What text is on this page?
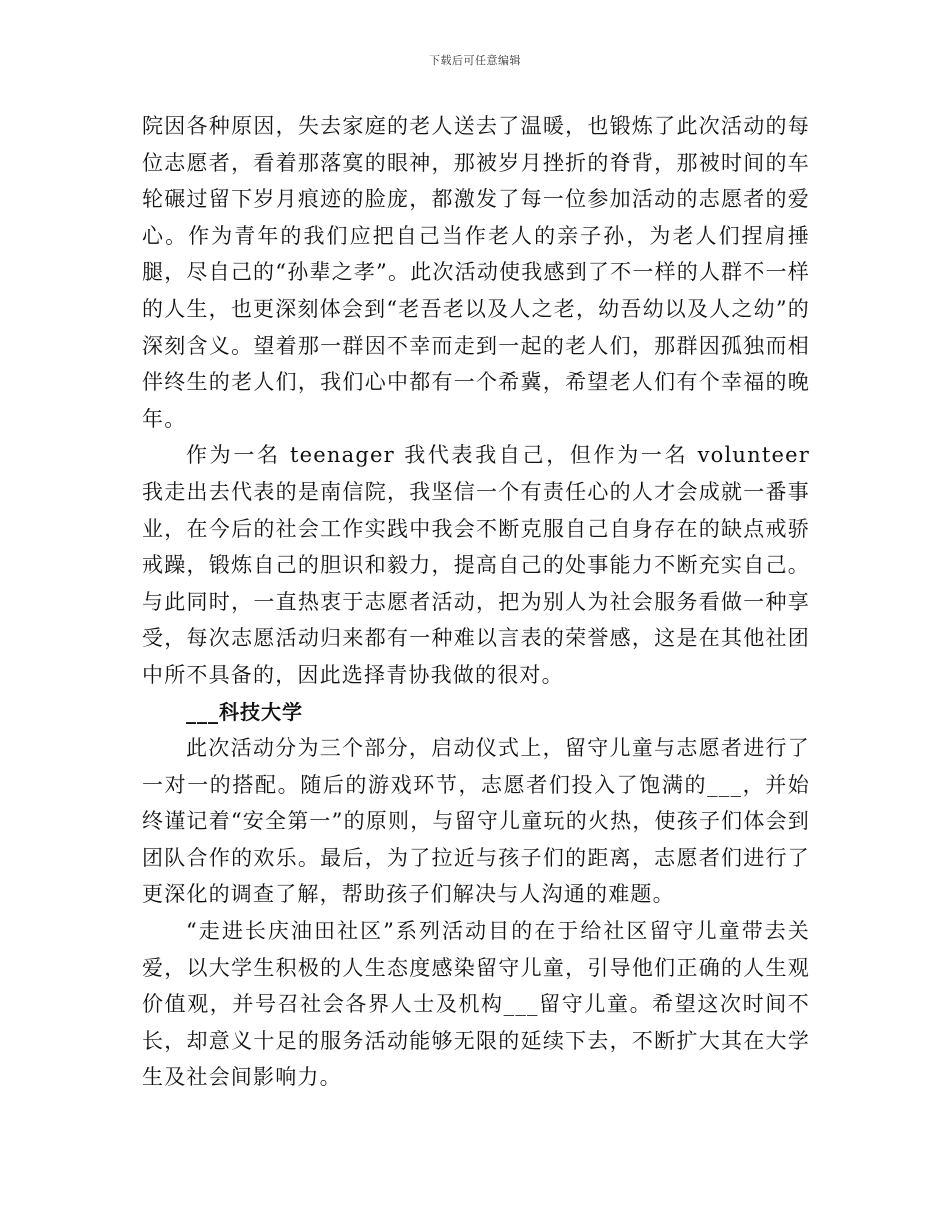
下载后可任意编辑

院因各种原因，失去家庭的老人送去了温暖，也锻炼了此次活动的每位志愿者，看着那落寞的眼神，那被岁月挫折的脊背，那被时间的车轮碾过留下岁月痕迹的脸庞，都激发了每一位参加活动的志愿者的爱心。作为青年的我们应把自己当作老人的亲子孙，为老人们捏肩捶腿，尽自己的“孙辈之孝”。此次活动使我感到了不一样的人群不一样的人生，也更深刻体会到“老吾老以及人之老，幼吾幼以及人之幼”的深刻含义。望着那一群因不幸而走到一起的老人们，那群因孤独而相伴终生的老人们，我们心中都有一个希冀，希望老人们有个幸福的晚年。

作为一名 teenager 我代表我自己，但作为一名 volunteer 我走出去代表的是南信院，我坚信一个有责任心的人才会成就一番事业，在今后的社会工作实践中我会不断克服自己自身存在的缺点戒骄戒躁，锻炼自己的胆识和毅力，提高自己的处事能力不断充实自己。与此同时，一直热衷于志愿者活动，把为别人为社会服务看做一种享受，每次志愿活动归来都有一种难以言表的荣誉感，这是在其他社团中所不具备的，因此选择青协我做的很对。

___科技大学

此次活动分为三个部分，启动仪式上，留守儿童与志愿者进行了一对一的搭配。随后的游戏环节，志愿者们投入了饱满的___，并始终谨记着“安全第一”的原则，与留守儿童玩的火热，使孩子们体会到团队合作的欢乐。最后，为了拉近与孩子们的距离，志愿者们进行了更深化的调查了解，帮助孩子们解决与人沟通的难题。

“走进长庆油田社区”系列活动目的在于给社区留守儿童带去关爱，以大学生积极的人生态度感染留守儿童，引导他们正确的人生观价值观，并号召社会各界人士及机构___留守儿童。希望这次时间不长，却意义十足的服务活动能够无限的延续下去，不断扩大其在大学生及社会间影响力。
